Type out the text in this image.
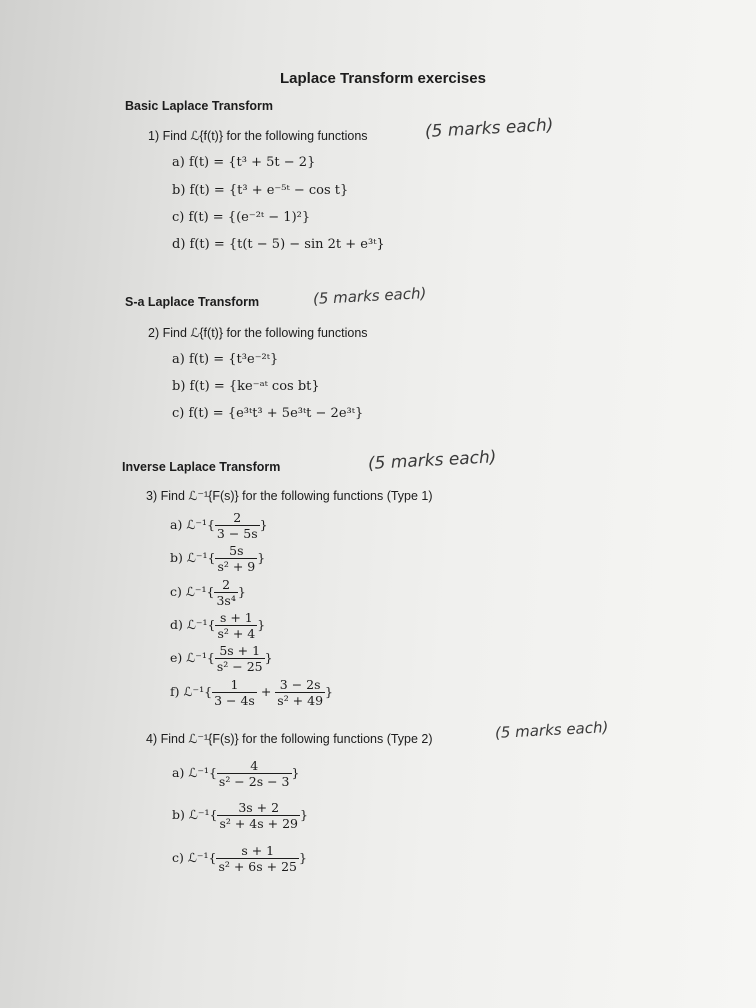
Laplace Transform exercises
Basic Laplace Transform
1) Find ℒ{f(t)} for the following functions	(5 marks each)
a) f(t) = {t³ + 5t − 2}
b) f(t) = {t³ + e⁻⁵ᵗ − cos t}
c) f(t) = {(e⁻²ᵗ − 1)²}
d) f(t) = {t(t − 5) − sin 2t + e³ᵗ}
S-a Laplace Transform	(5 marks each)
2) Find ℒ{f(t)} for the following functions
a) f(t) = {t³e⁻²ᵗ}
b) f(t) = {ke⁻ᵃᵗ cos bt}
c) f(t) = {e³ᵗt³ + 5e³ᵗt − 2e³ᵗ}
Inverse Laplace Transform	(5 marks each)
3) Find ℒ⁻¹{F(s)} for the following functions (Type 1)
a) ℒ⁻¹{ $\frac{2}{3 - 5s}$ }
b) ℒ⁻¹{ $\frac{5s}{\text{s² + 9}}$ }
c) ℒ⁻¹{ $\frac{2}{\text{3s⁴}}$ }
d) ℒ⁻¹{ $\frac{s + 1}{\text{s² + 4}}$ }
e) ℒ⁻¹{ $\frac{5s + 1}{\text{s² − 25}}$ }
f) ℒ⁻¹{ $\frac{1}{3 - 4s} + \frac{3 - 2s}{\text{s² + 49}}$ }
4) Find ℒ⁻¹{F(s)} for the following functions (Type 2)	(5 marks each)
a) ℒ⁻¹{ $\frac{4}{\text{s² − 2s − 3}}$ }
b) ℒ⁻¹{ $\frac{3s + 2}{\text{s² + 4s + 29}}$ }
c) ℒ⁻¹{ $\frac{s + 1}{\text{s² + 6s + 25}}$ }
